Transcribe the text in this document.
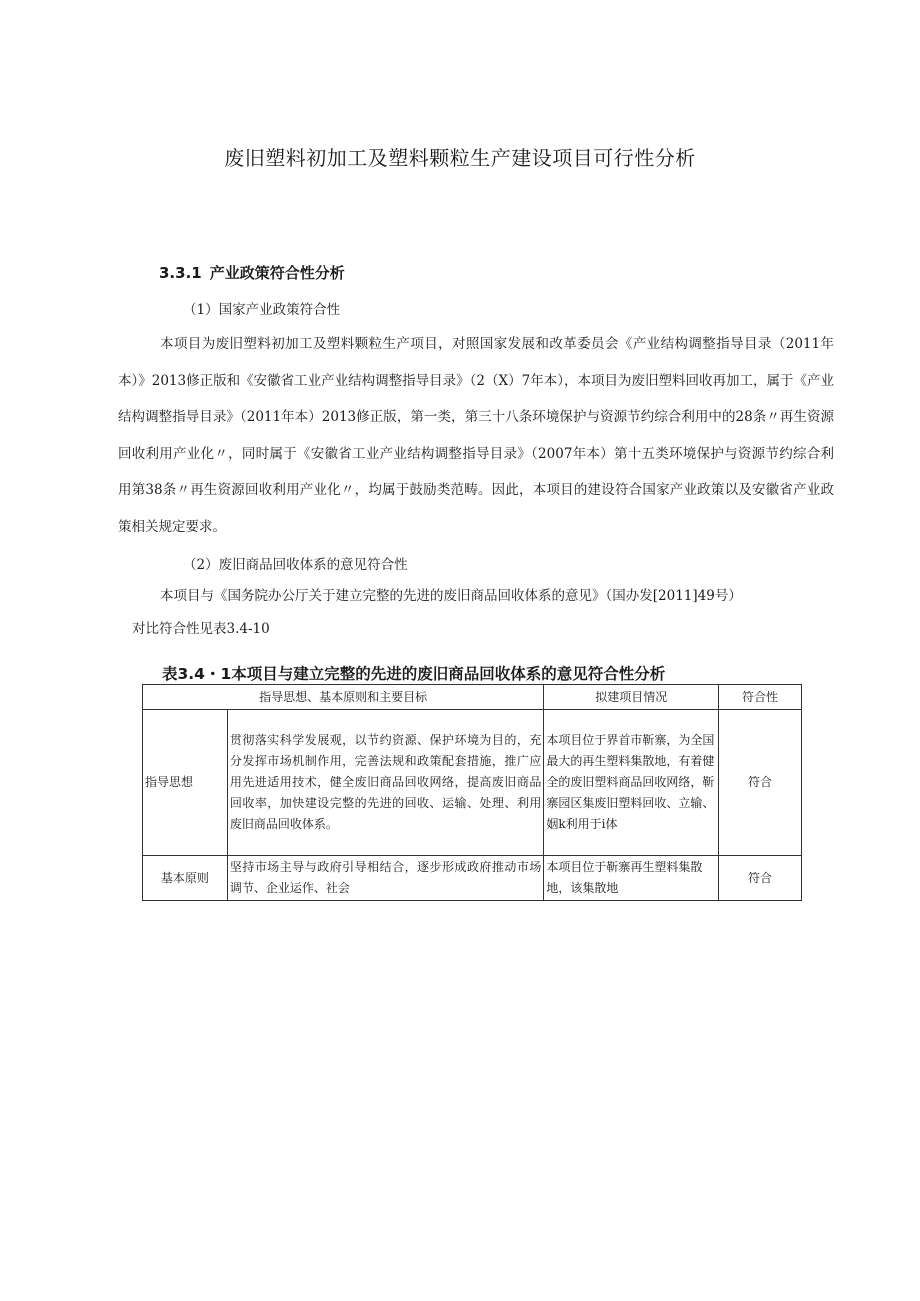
废旧塑料初加工及塑料颗粒生产建设项目可行性分析
3.3.1 产业政策符合性分析
（1）国家产业政策符合性
本项目为废旧塑料初加工及塑料颗粒生产项目，对照国家发展和改革委员会《产业结构调整指导目录（2011年本）》2013修正版和《安徽省工业产业结构调整指导目录》（2（X）7年本），本项目为废旧塑料回收再加工，属于《产业结构调整指导目录》（2011年本）2013修正版，第一类，第三十八条环境保护与资源节约综合利用中的28条〃再生资源回收利用产业化〃，同时属于《安徽省工业产业结构调整指导目录》（2007年本）第十五类环境保护与资源节约综合利用第38条〃再生资源回收利用产业化〃，均属于鼓励类范畴。因此，本项目的建设符合国家产业政策以及安徽省产业政策相关规定要求。
（2）废旧商品回收体系的意见符合性
本项目与《国务院办公厅关于建立完整的先进的废旧商品回收体系的意见》（国办发[2011]49号）
对比符合性见表3.4-10
表3.4・1本项目与建立完整的先进的废旧商品回收体系的意见符合性分析
指导思想、基本原则和主要目标		拟建项目情况	符合性
指导思想	贯彻落实科学发展观，以节约资源、保护环境为目的，充分发挥市场机制作用，完善法规和政策配套措施，推广应用先进适用技术，健全废旧商品回收网络，提高废旧商品回收率，加快建设完整的先进的回收、运输、处理、利用废旧商品回收体系。	本项目位于界首市靳寨，为全国最大的再生塑料集散地，有着健全的废旧塑料商品回收网络，靳寨园区集废旧塑料回收、立输、姻k利用于i体	符合
基本原则	坚持市场主导与政府引导相结合，逐步形成政府推动市场调节、企业运作、社会	本项目位于靳寨再生塑料集散地，该集散地	符合
